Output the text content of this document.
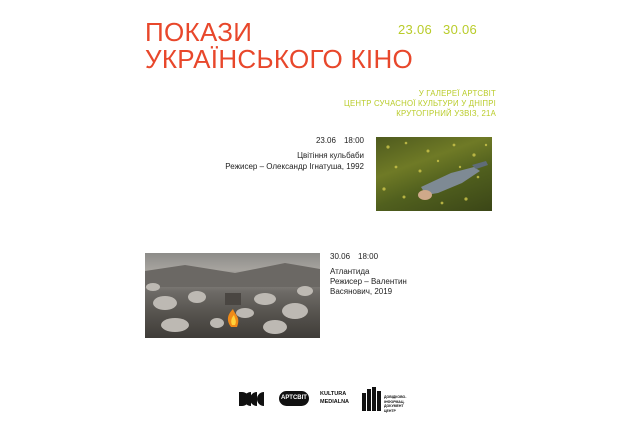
ПОКАЗИ
УКРАЇНСЬКОГО КІНО
23.06 30.06
У ГАЛЕРЕЇ АРТСВІТ
ЦЕНТР СУЧАСНОЇ КУЛЬТУРИ У ДНІПРІ
КРУТОГІРНИЙ УЗВІЗ, 21А
23.06 18:00
Цвітіння кульбаби
Режисер – Олександр Ігнатуша, 1992
30.06 18:00
Атлантида
Режисер – Валентин
Васянович, 2019
АРТСВІТ
KULTURA
MEDIALNA
ДОВІДКОВО-
ІНФОРМАЦ.
ДОКУМЕНТ
ЦЕНТР
